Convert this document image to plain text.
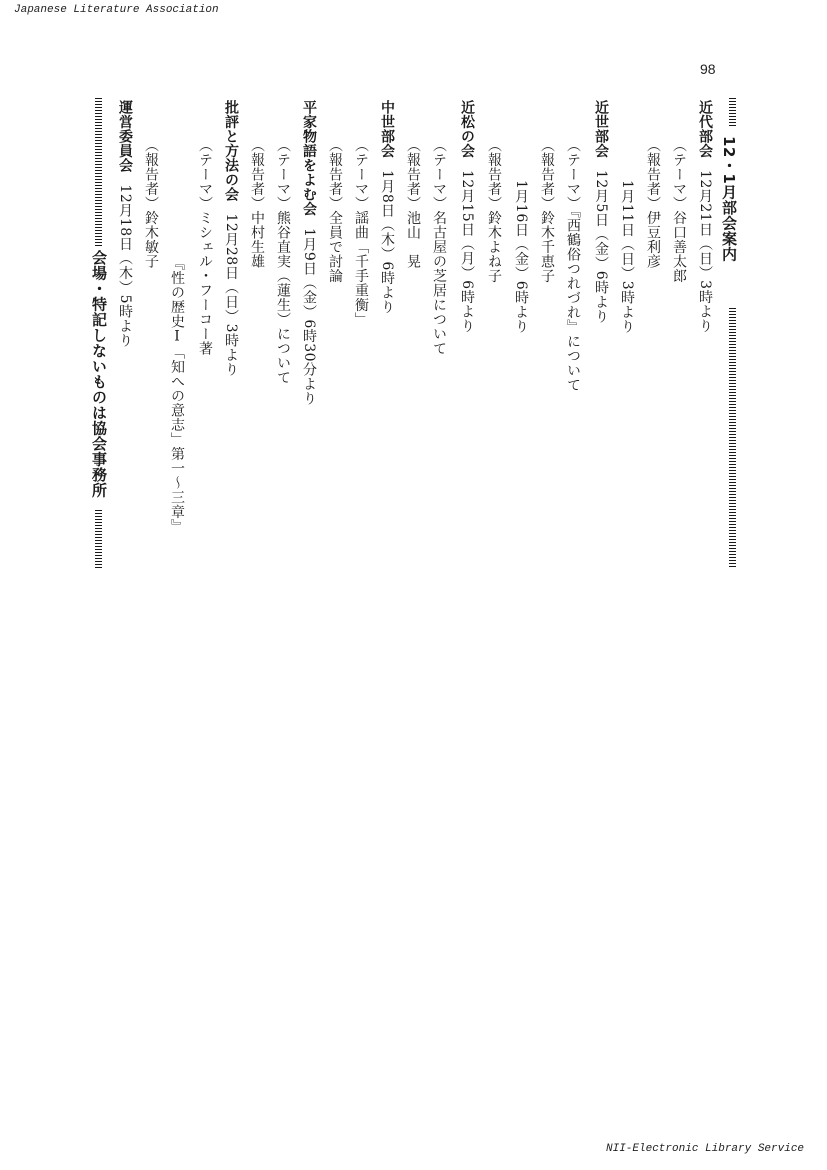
Japanese Literature Association
NII-Electronic Library Service
98
12・1月部会案内
近代部会12月21日（日）3時より
（テーマ）谷口善太郎
（報告者）伊豆利彦
1月11日（日）3時より
近世部会12月5日（金）6時より
（テーマ）『西鶴俗つれづれ』について
（報告者）鈴木千恵子
1月16日（金）6時より
（報告者）鈴木よね子
近松の会12月15日（月）6時より
（テーマ）名古屋の芝居について
（報告者）池山　晃
中世部会1月8日（木）6時より
（テーマ）謡曲「千手重衡」
（報告者）全員で討論
平家物語をよむ会1月9日（金）6時30分より
（テーマ）熊谷直実（蓮生）について
（報告者）中村生雄
批評と方法の会12月28日（日）3時より
（テーマ）ミシェル・フーコー著
『性の歴史Ⅰ「知への意志」第一～三章』
（報告者）鈴木敏子
運営委員会12月18日（木）5時より
会場・特記しないものは協会事務所
